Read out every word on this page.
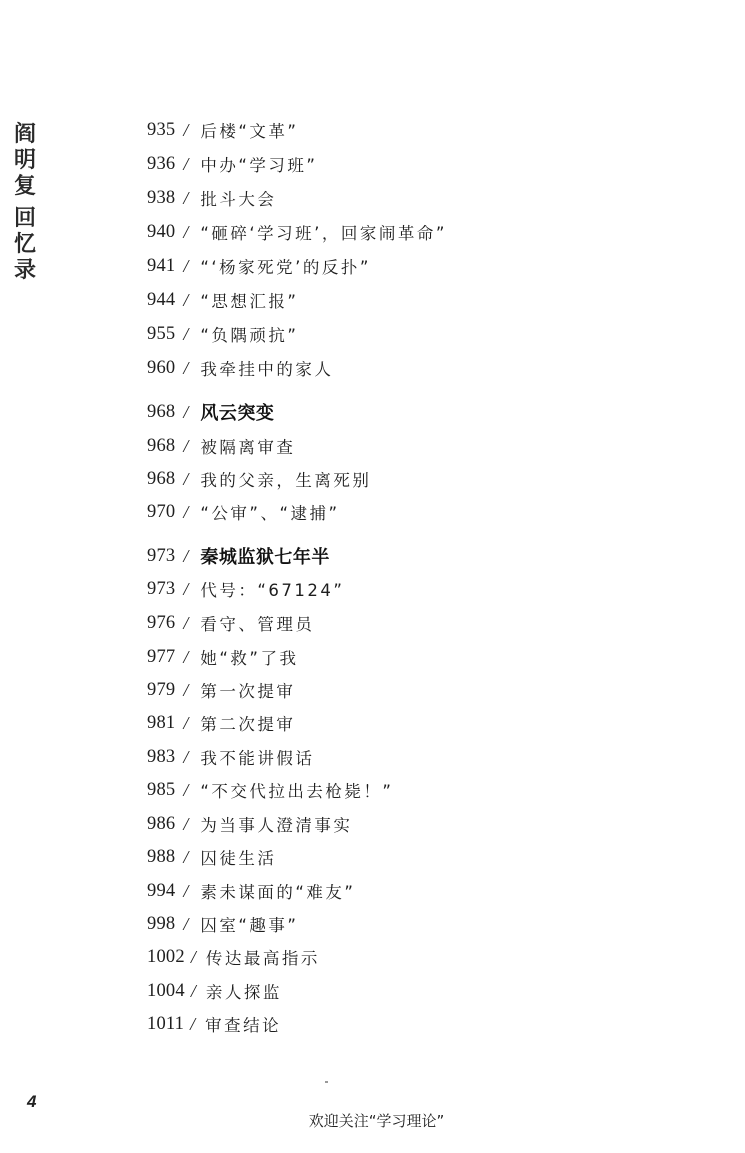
阎
明
复
回
忆
录
935 / 后楼“文革”
936 / 中办“学习班”
938 / 批斗大会
940 / “砸碎‘学习班’，回家闹革命”
941 / “‘杨家死党’的反扑”
944 / “思想汇报”
955 / “负隅顽抗”
960 / 我牵挂中的家人
968 / 风云突变
968 / 被隔离审查
968 / 我的父亲，生离死别
970 / “公审”、“逮捕”
973 / 秦城监狱七年半
973 / 代号：“67124”
976 / 看守、管理员
977 / 她“救”了我
979 / 第一次提审
981 / 第二次提审
983 / 我不能讲假话
985 / “不交代拉出去枪毙！”
986 / 为当事人澄清事实
988 / 囚徒生活
994 / 素未谋面的“难友”
998 / 囚室“趣事”
1002 / 传达最高指示
1004 / 亲人探监
1011 / 审查结论
4
欢迎关注“学习理论”
